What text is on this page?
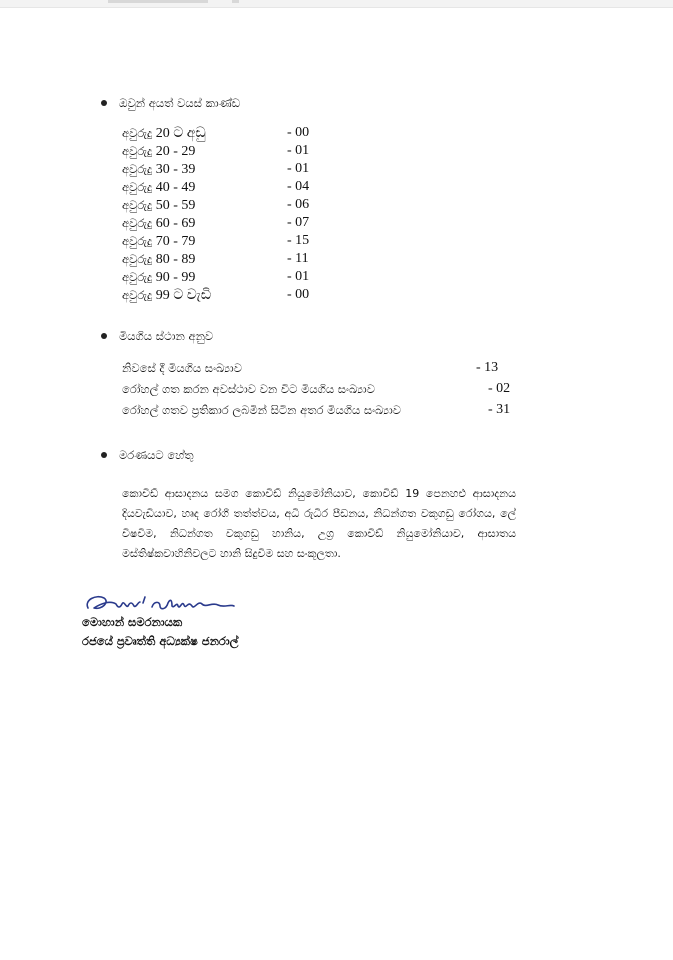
ඔවුන් අයත් වයස් කාණ්ඩ
අවුරුදු 20 ට අඩු	- 00
අවුරුදු 20 - 29	- 01
අවුරුදු 30 - 39	- 01
අවුරුදු 40 - 49	- 04
අවුරුදු 50 - 59	- 06
අවුරුදු 60 - 69	- 07
අවුරුදු 70 - 79	- 15
අවුරුදු 80 - 89	- 11
අවුරුදු 90 - 99	- 01
අවුරුදු 99 ට වැඩි	- 00
මියගිය ස්ථාන අනුව
නිවසේ දී මියගිය සංඛ්‍යාව	- 13
රෝහල් ගත කරන අවස්ථාව වන විට මියගිය සංඛ්‍යාව	- 02
රෝහල් ගතව ප්‍රතිකාර ලබමින් සිටින අතර මියගිය සංඛ්‍යාව	- 31
මරණයට හේතු
කොවිඩ් ආසාදනය සමග කොවිඩ් නියුමෝනියාව, කොවිඩ් 19 පෙනහළු ආසාදනය දියවැඩියාව, හෘද රෝගී තත්ත්වය, අධි රුධිර පීඩනය, නිධන්ගත වකුගඩු රෝගය, ලේ විෂවීම, නිධන්ගත වකුගඩු හානිය, උග්‍ර කොවිඩ් නියුමෝනියාව, ආසාතය මස්තිෂ්කවාහිනිවලට හානි සිදුවීම සහ සංකූලතා.
මොහාන් සමරනායක
රජයේ ප්‍රවෘත්ති අධ්‍යක්ෂ ජනරාල්
